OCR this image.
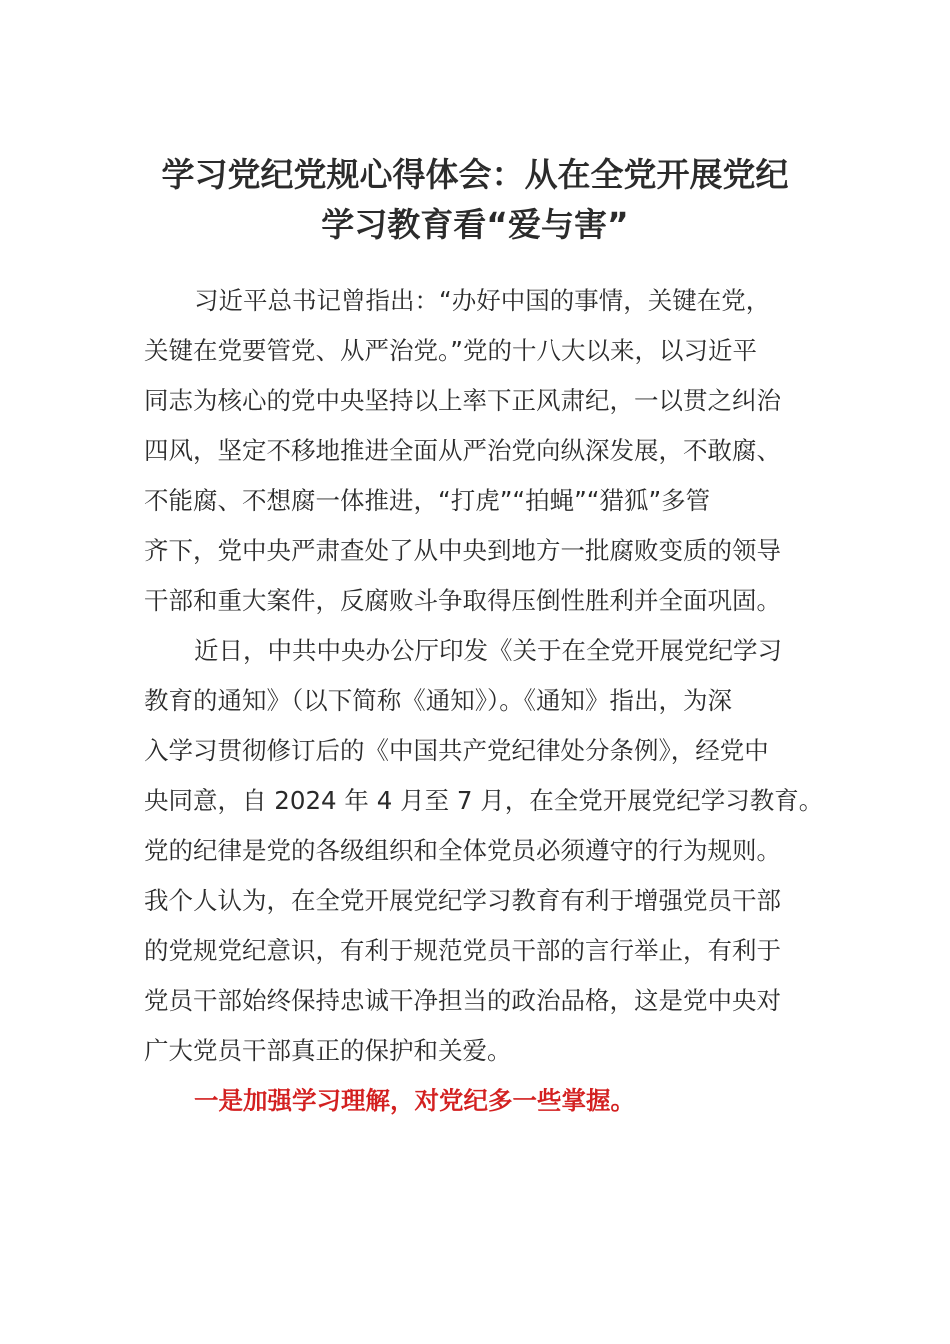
学习党纪党规心得体会：从在全党开展党纪
学习教育看“爱与害”
习近平总书记曾指出：“办好中国的事情，关键在党，
关键在党要管党、从严治党。”党的十八大以来，以习近平
同志为核心的党中央坚持以上率下正风肃纪，一以贯之纠治
四风，坚定不移地推进全面从严治党向纵深发展，不敢腐、
不能腐、不想腐一体推进，“打虎”“拍蝇”“猎狐”多管
齐下，党中央严肃查处了从中央到地方一批腐败变质的领导
干部和重大案件，反腐败斗争取得压倒性胜利并全面巩固。
近日，中共中央办公厅印发《关于在全党开展党纪学习
教育的通知》（以下简称《通知》）。《通知》指出，为深
入学习贯彻修订后的《中国共产党纪律处分条例》，经党中
央同意，自 2024 年 4 月至 7 月，在全党开展党纪学习教育。
党的纪律是党的各级组织和全体党员必须遵守的行为规则。
我个人认为，在全党开展党纪学习教育有利于增强党员干部
的党规党纪意识，有利于规范党员干部的言行举止，有利于
党员干部始终保持忠诚干净担当的政治品格，这是党中央对
广大党员干部真正的保护和关爱。
一是加强学习理解，对党纪多一些掌握。
